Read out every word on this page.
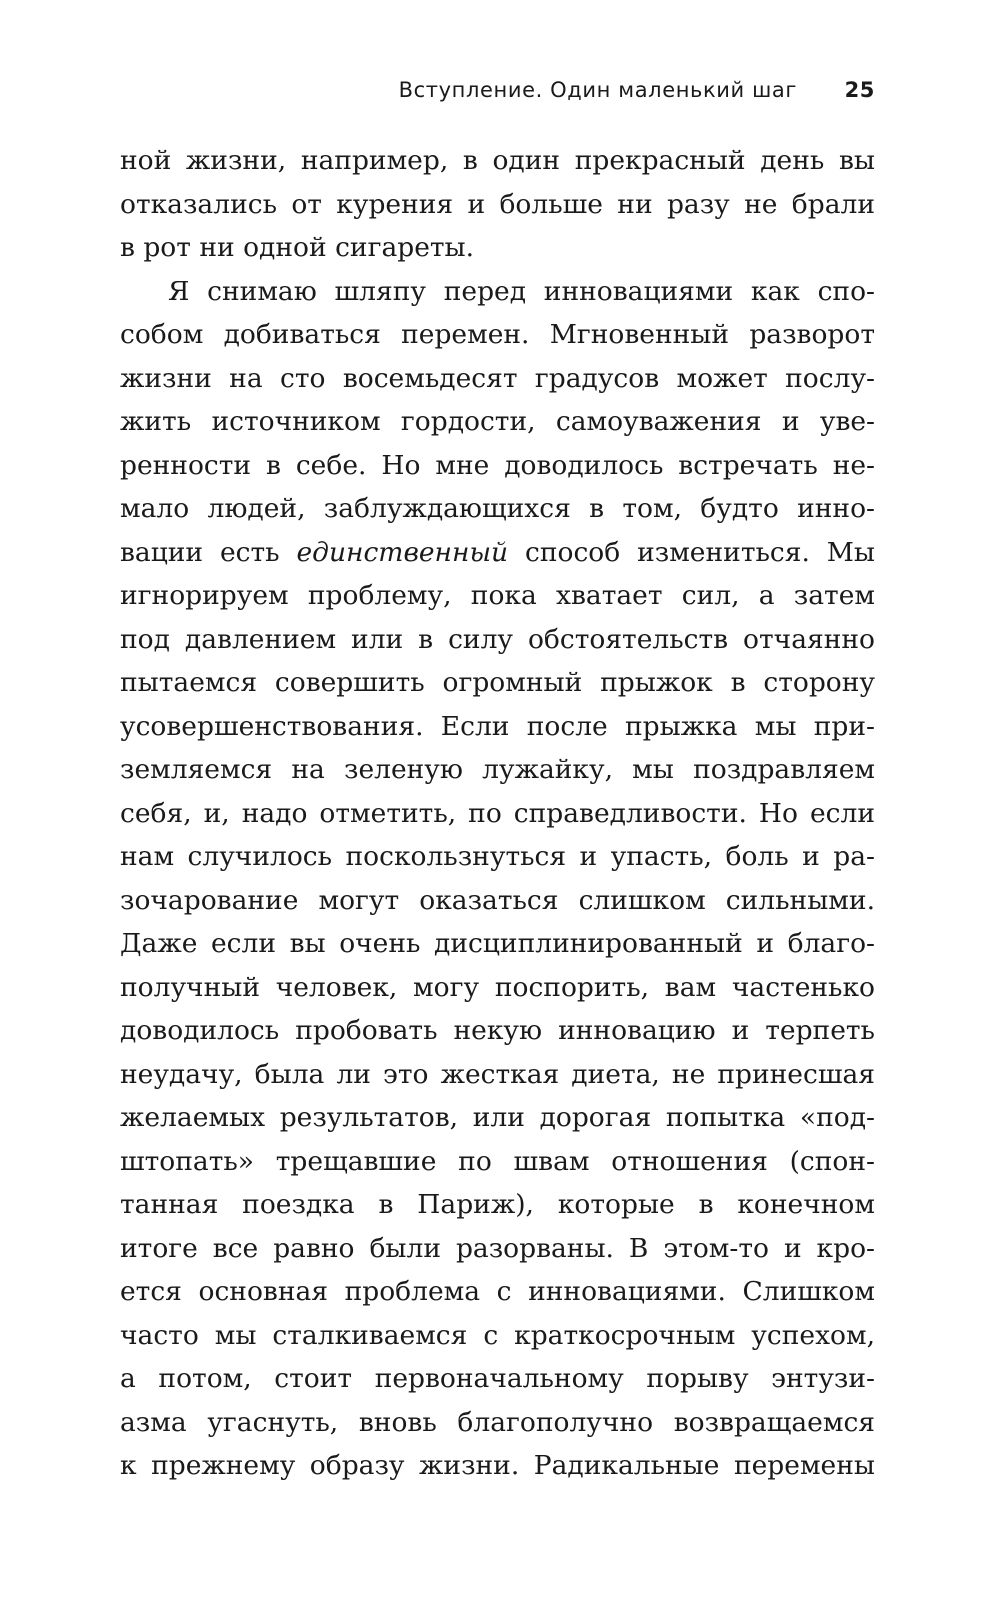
Вступление. Один маленький шаг 25
ной жизни, например, в один прекрасный день вы
отказались от курения и больше ни разу не брали
в рот ни одной сигареты.
Я снимаю шляпу перед инновациями как спо-
собом добиваться перемен. Мгновенный разворот
жизни на сто восемьдесят градусов может послу-
жить источником гордости, самоуважения и уве-
ренности в себе. Но мне доводилось встречать не-
мало людей, заблуждающихся в том, будто инно-
вации есть единственный способ измениться. Мы
игнорируем проблему, пока хватает сил, а затем
под давлением или в силу обстоятельств отчаянно
пытаемся совершить огромный прыжок в сторону
усовершенствования. Если после прыжка мы при-
земляемся на зеленую лужайку, мы поздравляем
себя, и, надо отметить, по справедливости. Но если
нам случилось поскользнуться и упасть, боль и ра-
зочарование могут оказаться слишком сильными.
Даже если вы очень дисциплинированный и благо-
получный человек, могу поспорить, вам частенько
доводилось пробовать некую инновацию и терпеть
неудачу, была ли это жесткая диета, не принесшая
желаемых результатов, или дорогая попытка «под-
штопать» трещавшие по швам отношения (спон-
танная поездка в Париж), которые в конечном
итоге все равно были разорваны. В этом-то и кро-
ется основная проблема с инновациями. Слишком
часто мы сталкиваемся с краткосрочным успехом,
а потом, стоит первоначальному порыву энтузи-
азма угаснуть, вновь благополучно возвращаемся
к прежнему образу жизни. Радикальные перемены
